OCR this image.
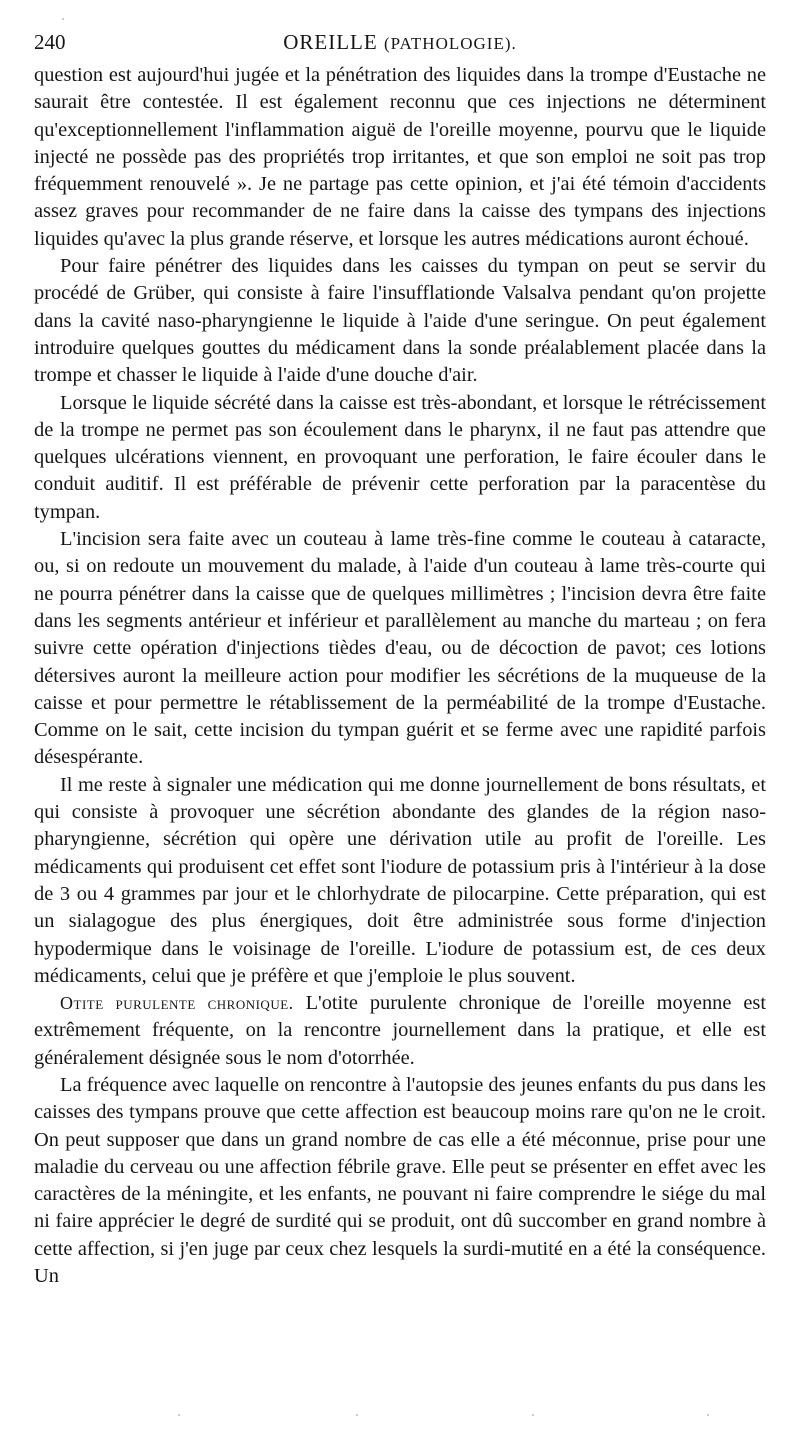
240	OREILLE (PATHOLOGIE).

question est aujourd'hui jugée et la pénétration des liquides dans la trompe d'Eustache ne saurait être contestée. Il est également reconnu que ces injections ne déterminent qu'exceptionnellement l'inflammation aiguë de l'oreille moyenne, pourvu que le liquide injecté ne possède pas des propriétés trop irritantes, et que son emploi ne soit pas trop fréquemment renouvelé ». Je ne partage pas cette opinion, et j'ai été témoin d'accidents assez graves pour recommander de ne faire dans la caisse des tympans des injections liquides qu'avec la plus grande réserve, et lorsque les autres médications auront échoué.

Pour faire pénétrer des liquides dans les caisses du tympan on peut se servir du procédé de Grüber, qui consiste à faire l'insufflationde Valsalva pendant qu'on projette dans la cavité naso-pharyngienne le liquide à l'aide d'une seringue. On peut également introduire quelques gouttes du médicament dans la sonde préalablement placée dans la trompe et chasser le liquide à l'aide d'une douche d'air.

Lorsque le liquide sécrété dans la caisse est très-abondant, et lorsque le rétrécissement de la trompe ne permet pas son écoulement dans le pharynx, il ne faut pas attendre que quelques ulcérations viennent, en provoquant une perforation, le faire écouler dans le conduit auditif. Il est préférable de prévenir cette perforation par la paracentèse du tympan.

L'incision sera faite avec un couteau à lame très-fine comme le couteau à cataracte, ou, si on redoute un mouvement du malade, à l'aide d'un couteau à lame très-courte qui ne pourra pénétrer dans la caisse que de quelques millimètres ; l'incision devra être faite dans les segments antérieur et inférieur et parallèlement au manche du marteau ; on fera suivre cette opération d'injections tièdes d'eau, ou de décoction de pavot; ces lotions détersives auront la meilleure action pour modifier les sécrétions de la muqueuse de la caisse et pour permettre le rétablissement de la perméabilité de la trompe d'Eustache. Comme on le sait, cette incision du tympan guérit et se ferme avec une rapidité parfois désespérante.

Il me reste à signaler une médication qui me donne journellement de bons résultats, et qui consiste à provoquer une sécrétion abondante des glandes de la région naso-pharyngienne, sécrétion qui opère une dérivation utile au profit de l'oreille. Les médicaments qui produisent cet effet sont l'iodure de potassium pris à l'intérieur à la dose de 3 ou 4 grammes par jour et le chlorhydrate de pilocarpine. Cette préparation, qui est un sialagogue des plus énergiques, doit être administrée sous forme d'injection hypodermique dans le voisinage de l'oreille. L'iodure de potassium est, de ces deux médicaments, celui que je préfère et que j'emploie le plus souvent.

Otite purulente chronique. L'otite purulente chronique de l'oreille moyenne est extrêmement fréquente, on la rencontre journellement dans la pratique, et elle est généralement désignée sous le nom d'otorrhée.

La fréquence avec laquelle on rencontre à l'autopsie des jeunes enfants du pus dans les caisses des tympans prouve que cette affection est beaucoup moins rare qu'on ne le croit. On peut supposer que dans un grand nombre de cas elle a été méconnue, prise pour une maladie du cerveau ou une affection fébrile grave. Elle peut se présenter en effet avec les caractères de la méningite, et les enfants, ne pouvant ni faire comprendre le siége du mal ni faire apprécier le degré de surdité qui se produit, ont dû succomber en grand nombre à cette affection, si j'en juge par ceux chez lesquels la surdi-mutité en a été la conséquence. Un
